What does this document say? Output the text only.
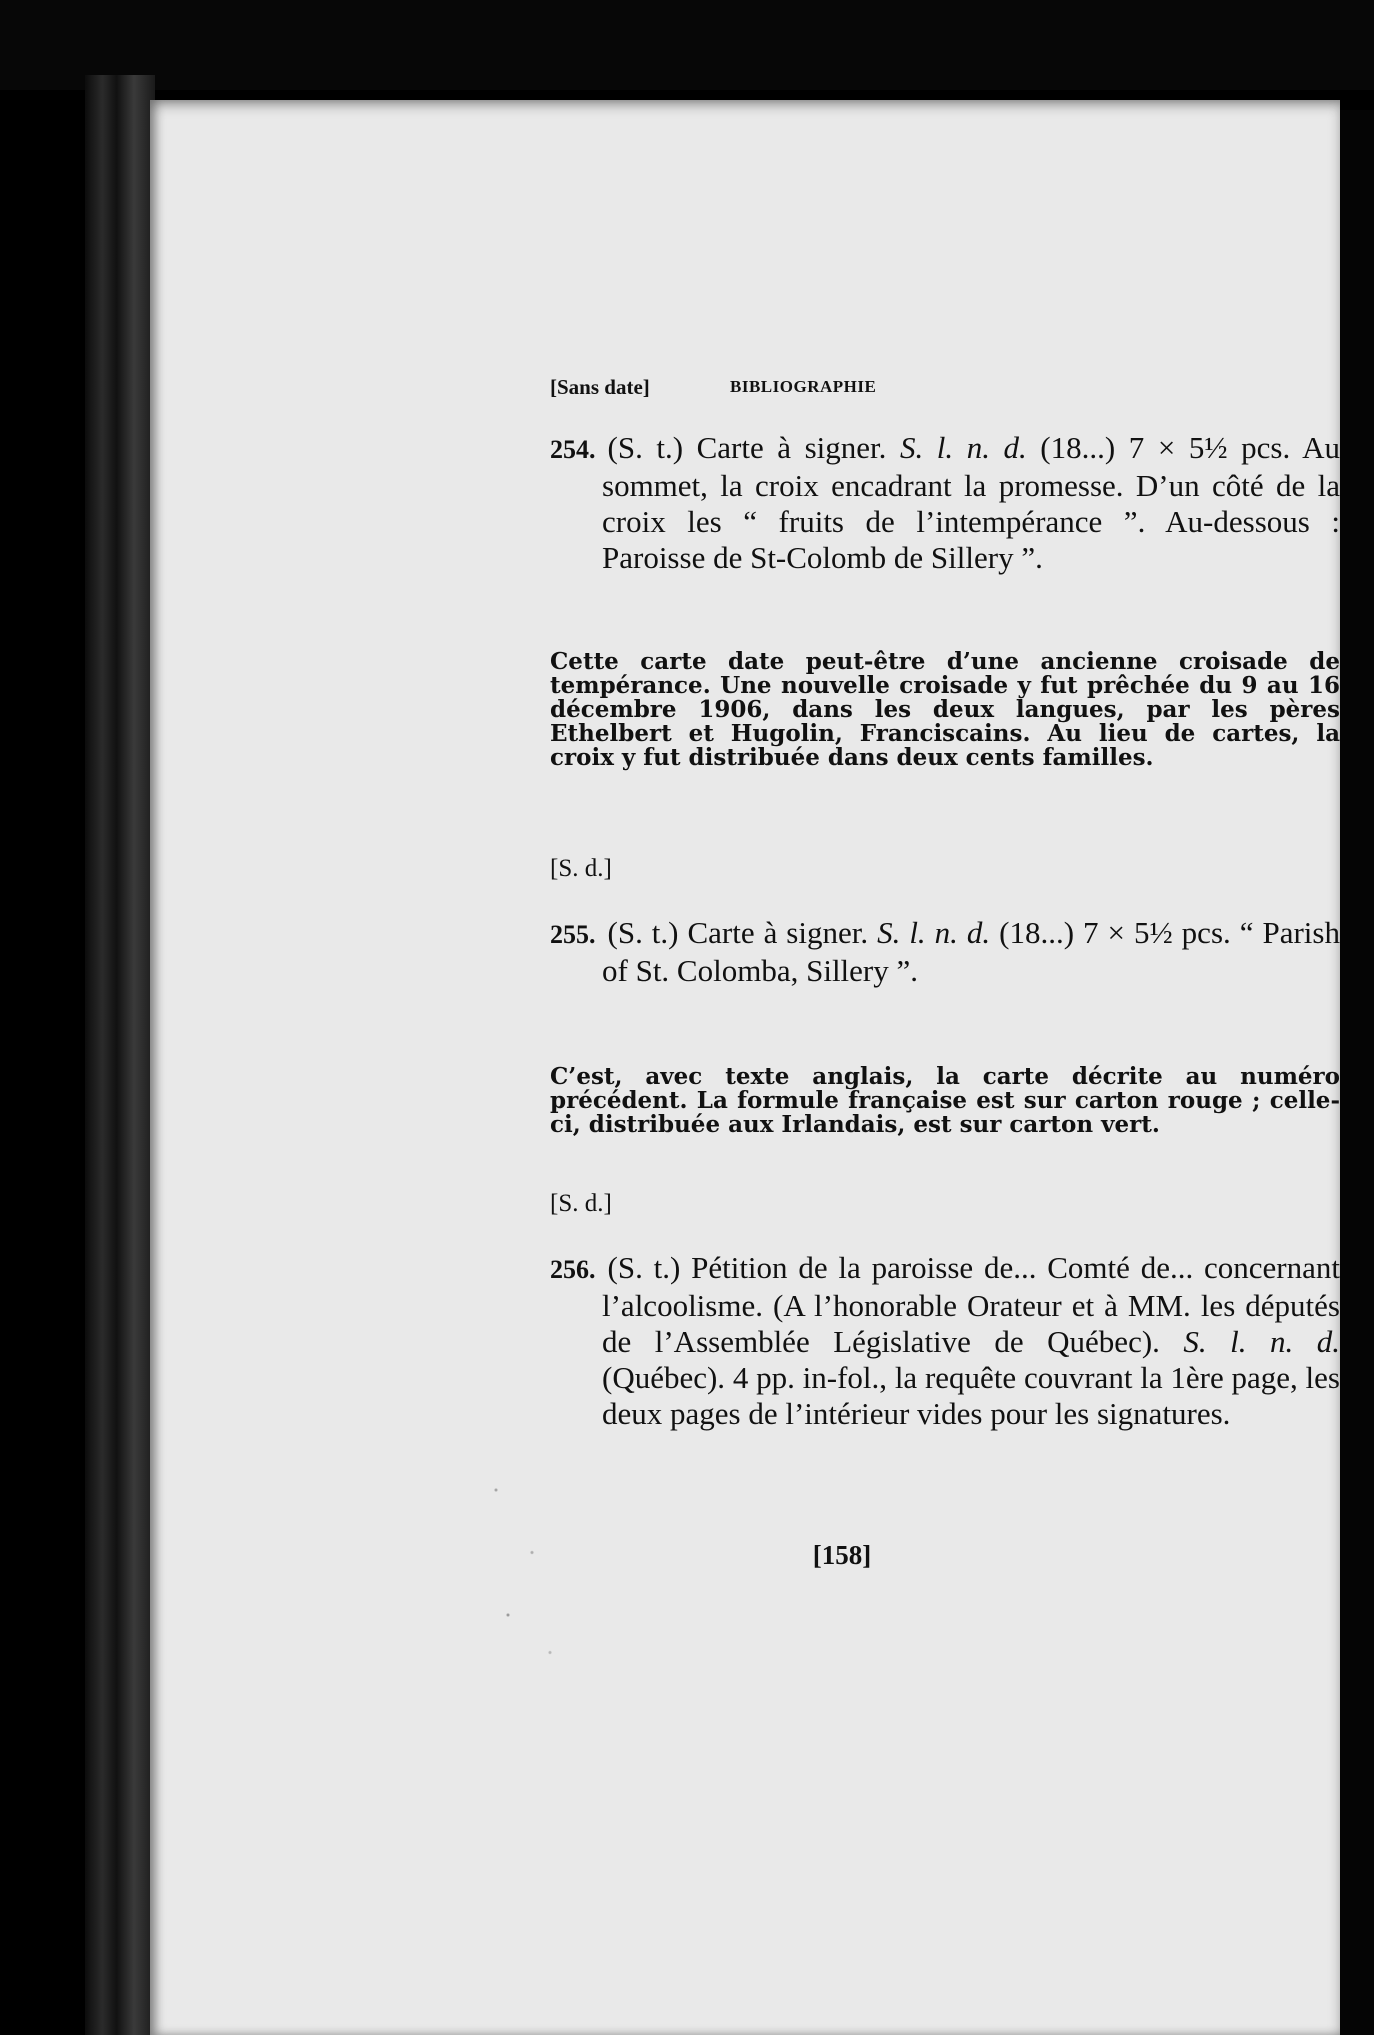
[Sans date]	BIBLIOGRAPHIE
254. (S. t.) Carte à signer. S. l. n. d. (18...) 7 × 5½ pcs. Au sommet, la croix encadrant la promesse. D’un côté de la croix les “ fruits de l’intempérance ”. Au-dessous : Paroisse de St-Colomb de Sillery ”.
Cette carte date peut-être d’une ancienne croisade de tempérance. Une nouvelle croisade y fut prêchée du 9 au 16 décembre 1906, dans les deux langues, par les pères Ethelbert et Hugolin, Franciscains. Au lieu de cartes, la croix y fut distribuée dans deux cents familles.
[S. d.]
255. (S. t.) Carte à signer. S. l. n. d. (18...) 7 × 5½ pcs. “ Parish of St. Colomba, Sillery ”.
C’est, avec texte anglais, la carte décrite au numéro précédent. La formule française est sur carton rouge ; celle-ci, distribuée aux Irlandais, est sur carton vert.
[S. d.]
256. (S. t.) Pétition de la paroisse de... Comté de... concernant l’alcoolisme. (A l’honorable Orateur et à MM. les députés de l’Assemblée Législative de Québec). S. l. n. d. (Québec). 4 pp. in-fol., la requête couvrant la 1ère page, les deux pages de l’intérieur vides pour les signatures.
[158]
